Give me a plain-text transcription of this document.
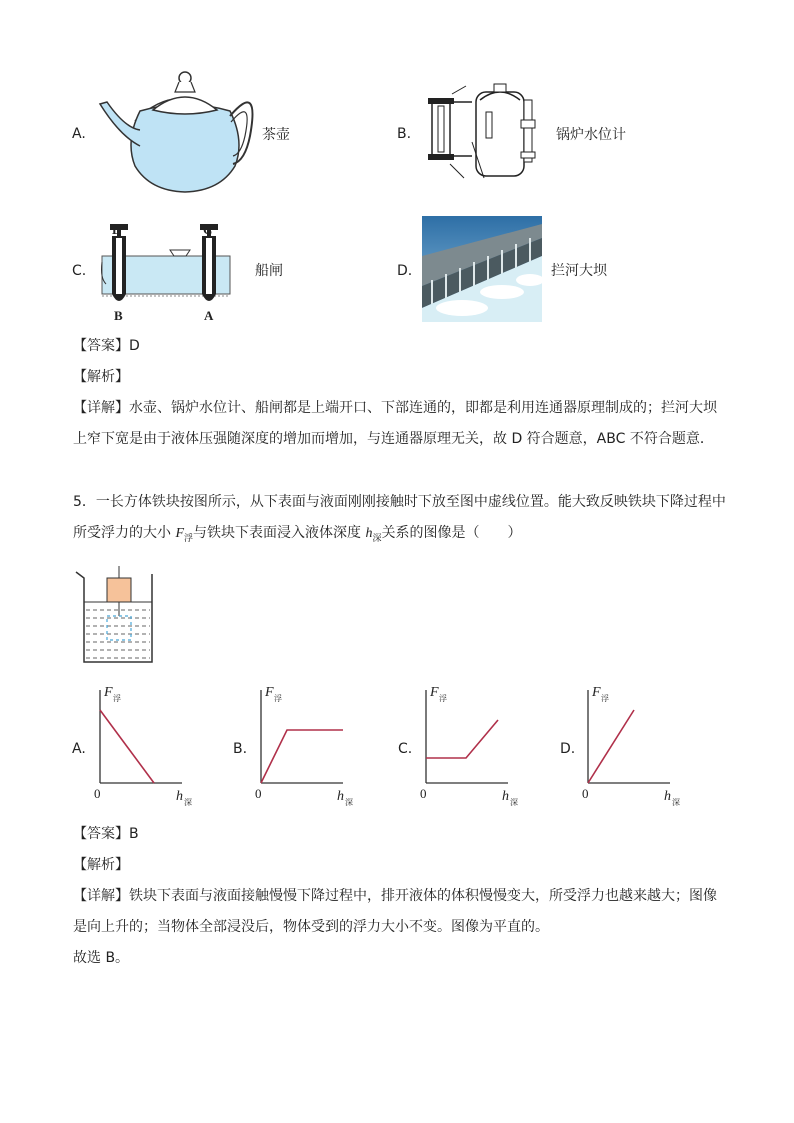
A.	茶壶	B.	锅炉水位计
C.
D	C
B	A
船闸	D.	拦河大坝

【答案】D

【解析】

【详解】水壶、锅炉水位计、船闸都是上端开口、下部连通的，即都是利用连通器原理制成的；拦河大坝

上窄下宽是由于液体压强随深度的增加而增加，与连通器原理无关，故 D 符合题意，ABC 不符合题意．

5．一长方体铁块按图所示，从下表面与液面刚刚接触时下放至图中虚线位置。能大致反映铁块下降过程中

所受浮力的大小 $F_浮$与铁块下表面浸入液体深度 $h_深$关系的图像是（　　）

A.
F 浮
h 深
0
B.
F 浮
h 深
0
C.
F 浮
h 深
0
D.
F 浮
h 深
0

【答案】B

【解析】

【详解】铁块下表面与液面接触慢慢下降过程中，排开液体的体积慢慢变大，所受浮力也越来越大；图像

是向上升的；当物体全部浸没后，物体受到的浮力大小不变。图像为平直的。

故选 B。
